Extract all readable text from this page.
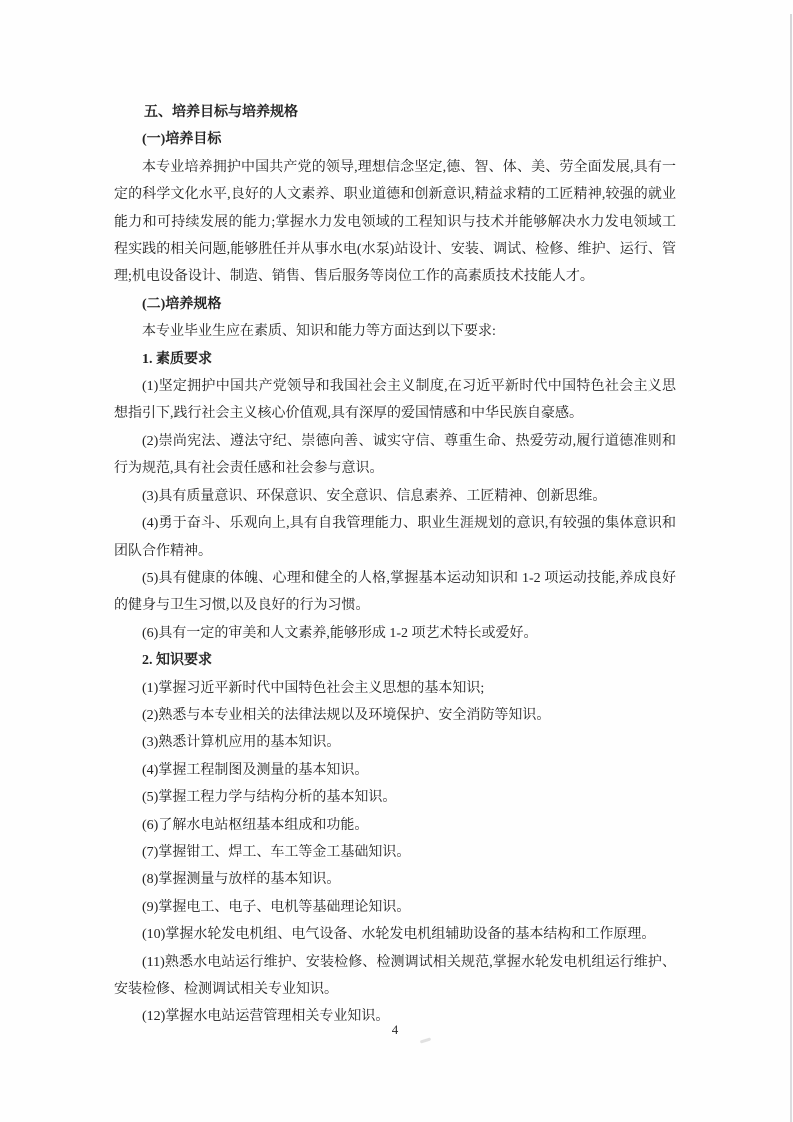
五、培养目标与培养规格

(一)培养目标

本专业培养拥护中国共产党的领导,理想信念坚定,德、智、体、美、劳全面发展,具有一定的科学文化水平,良好的人文素养、职业道德和创新意识,精益求精的工匠精神,较强的就业能力和可持续发展的能力;掌握水力发电领域的工程知识与技术并能够解决水力发电领域工程实践的相关问题,能够胜任并从事水电(水泵)站设计、安装、调试、检修、维护、运行、管理;机电设备设计、制造、销售、售后服务等岗位工作的高素质技术技能人才。

(二)培养规格

本专业毕业生应在素质、知识和能力等方面达到以下要求:

1. 素质要求

(1)坚定拥护中国共产党领导和我国社会主义制度,在习近平新时代中国特色社会主义思想指引下,践行社会主义核心价值观,具有深厚的爱国情感和中华民族自豪感。

(2)崇尚宪法、遵法守纪、崇德向善、诚实守信、尊重生命、热爱劳动,履行道德准则和行为规范,具有社会责任感和社会参与意识。

(3)具有质量意识、环保意识、安全意识、信息素养、工匠精神、创新思维。

(4)勇于奋斗、乐观向上,具有自我管理能力、职业生涯规划的意识,有较强的集体意识和团队合作精神。

(5)具有健康的体魄、心理和健全的人格,掌握基本运动知识和 1-2 项运动技能,养成良好的健身与卫生习惯,以及良好的行为习惯。

(6)具有一定的审美和人文素养,能够形成 1-2 项艺术特长或爱好。

2. 知识要求

(1)掌握习近平新时代中国特色社会主义思想的基本知识;

(2)熟悉与本专业相关的法律法规以及环境保护、安全消防等知识。

(3)熟悉计算机应用的基本知识。

(4)掌握工程制图及测量的基本知识。

(5)掌握工程力学与结构分析的基本知识。

(6)了解水电站枢纽基本组成和功能。

(7)掌握钳工、焊工、车工等金工基础知识。

(8)掌握测量与放样的基本知识。

(9)掌握电工、电子、电机等基础理论知识。

(10)掌握水轮发电机组、电气设备、水轮发电机组辅助设备的基本结构和工作原理。

(11)熟悉水电站运行维护、安装检修、检测调试相关规范,掌握水轮发电机组运行维护、安装检修、检测调试相关专业知识。

(12)掌握水电站运营管理相关专业知识。

4
